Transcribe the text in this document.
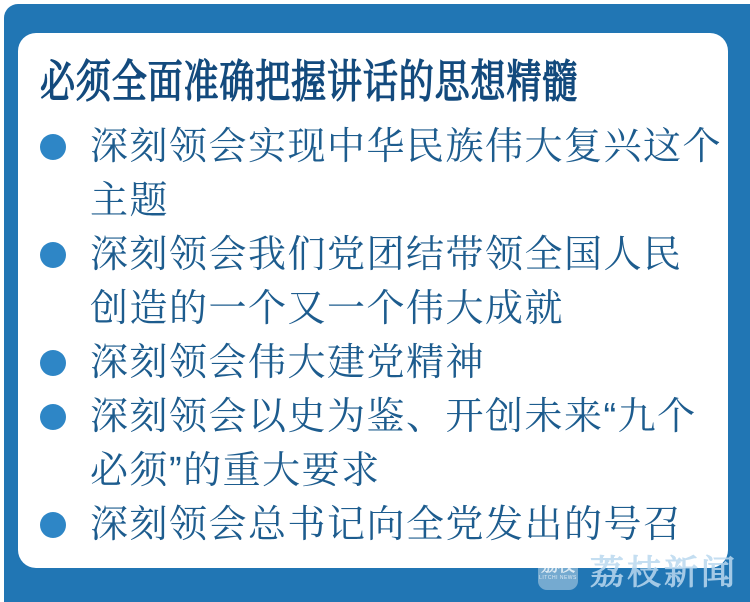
必须全面准确把握讲话的思想精髓
深刻领会实现中华民族伟大复兴这个
主题
深刻领会我们党团结带领全国人民
创造的一个又一个伟大成就
深刻领会伟大建党精神
深刻领会以史为鉴、开创未来“九个
必须”的重大要求
深刻领会总书记向全党发出的号召
荔枝
LITCHI NEWS 荔枝新闻
